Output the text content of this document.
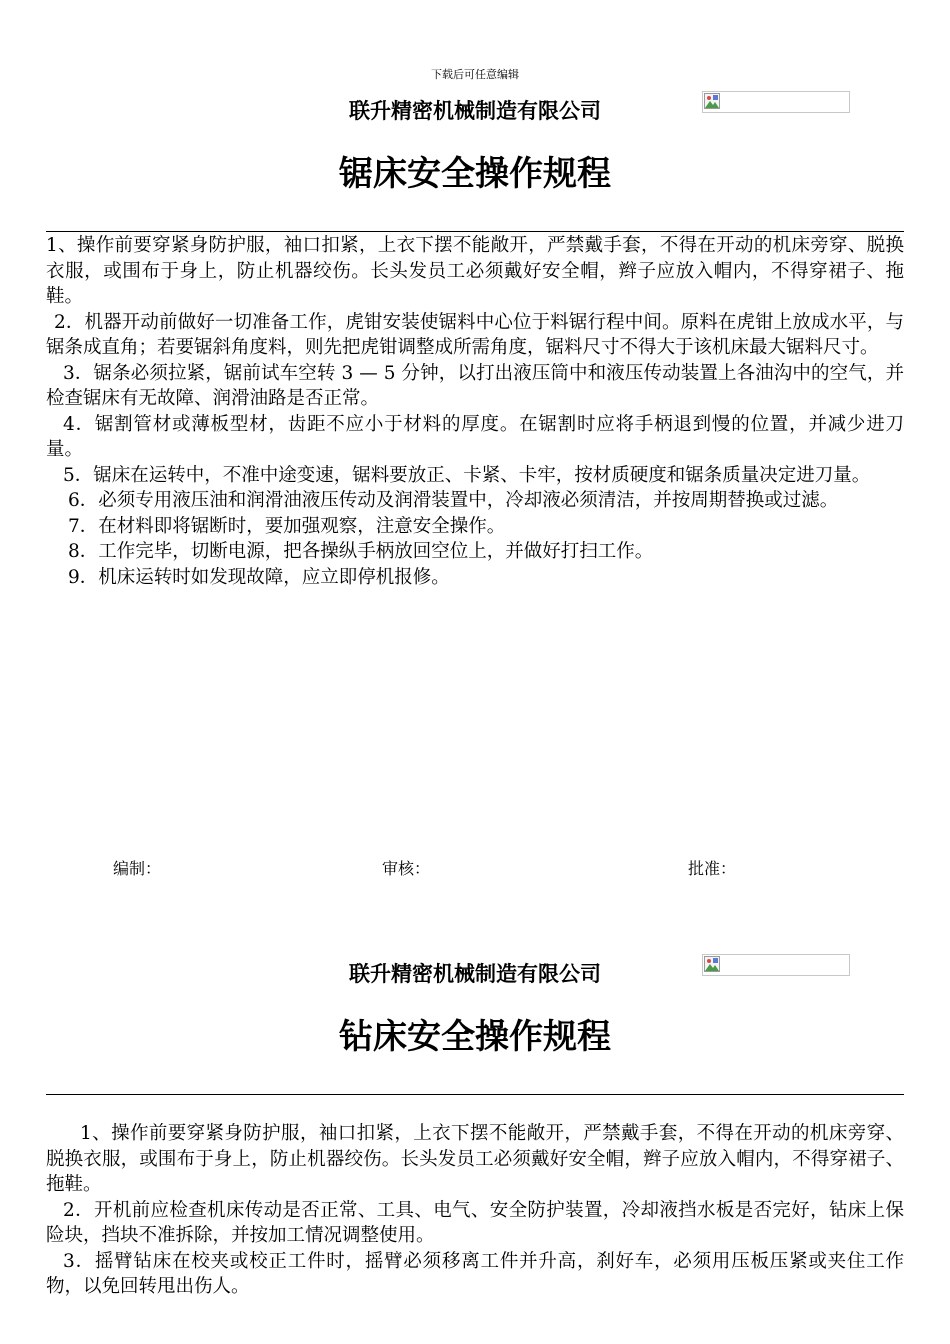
下载后可任意编辑
联升精密机械制造有限公司
锯床安全操作规程

1、操作前要穿紧身防护服，袖口扣紧，上衣下摆不能敞开，严禁戴手套，不得在开动的机床旁穿、脱换衣服，或围布于身上，防止机器绞伤。长头发员工必须戴好安全帽，辫子应放入帽内，不得穿裙子、拖鞋。

2．机器开动前做好一切准备工作，虎钳安装使锯料中心位于料锯行程中间。原料在虎钳上放成水平，与锯条成直角；若要锯斜角度料，则先把虎钳调整成所需角度，锯料尺寸不得大于该机床最大锯料尺寸。

3．锯条必须拉紧，锯前试车空转 3 — 5 分钟，以打出液压筒中和液压传动装置上各油沟中的空气，并检查锯床有无故障、润滑油路是否正常。

4．锯割管材或薄板型材，齿距不应小于材料的厚度。在锯割时应将手柄退到慢的位置，并减少进刀量。

5．锯床在运转中，不准中途变速，锯料要放正、卡紧、卡牢，按材质硬度和锯条质量决定进刀量。

6．必须专用液压油和润滑油液压传动及润滑装置中，冷却液必须清洁，并按周期替换或过滤。

7．在材料即将锯断时，要加强观察，注意安全操作。

8．工作完毕，切断电源，把各操纵手柄放回空位上，并做好打扫工作。

9．机床运转时如发现故障，应立即停机报修。

编制：	审核：	批准：
联升精密机械制造有限公司
钻床安全操作规程

1、操作前要穿紧身防护服，袖口扣紧，上衣下摆不能敞开，严禁戴手套，不得在开动的机床旁穿、脱换衣服，或围布于身上，防止机器绞伤。长头发员工必须戴好安全帽，辫子应放入帽内，不得穿裙子、拖鞋。

2．开机前应检查机床传动是否正常、工具、电气、安全防护装置，冷却液挡水板是否完好，钻床上保险块，挡块不准拆除，并按加工情况调整使用。

3．摇臂钻床在校夹或校正工件时，摇臂必须移离工件并升高，刹好车，必须用压板压紧或夹住工作物，以免回转甩出伤人。
